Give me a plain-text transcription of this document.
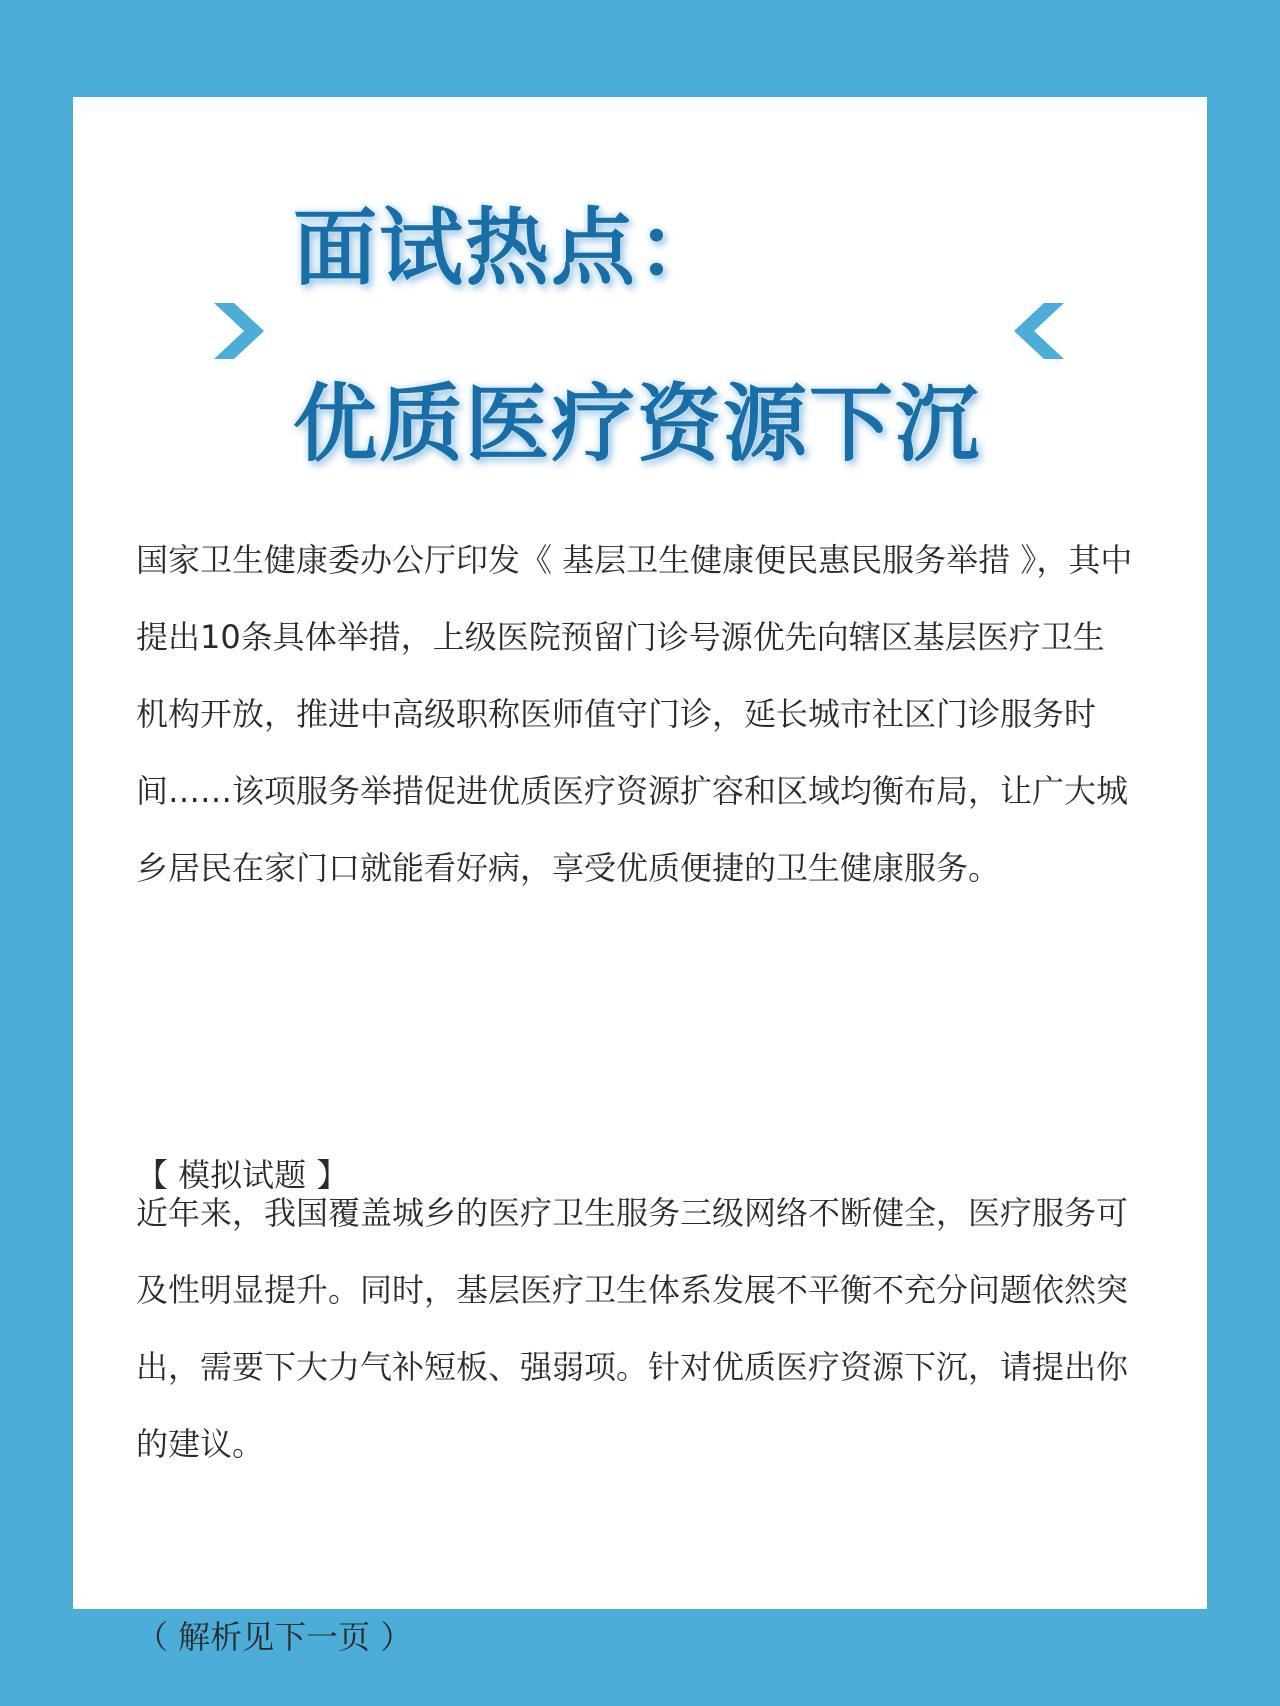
面试热点：
优质医疗资源下沉

国家卫生健康委办公厅印发《 基层卫生健康便民惠民服务举措 》，其中提出10条具体举措，上级医院预留门诊号源优先向辖区基层医疗卫生机构开放，推进中高级职称医师值守门诊，延长城市社区门诊服务时间……该项服务举措促进优质医疗资源扩容和区域均衡布局，让广大城乡居民在家门口就能看好病，享受优质便捷的卫生健康服务。

【 模拟试题 】

近年来，我国覆盖城乡的医疗卫生服务三级网络不断健全，医疗服务可及性明显提升。同时，基层医疗卫生体系发展不平衡不充分问题依然突出，需要下大力气补短板、强弱项。针对优质医疗资源下沉，请提出你的建议。

（ 解析见下一页 ）
